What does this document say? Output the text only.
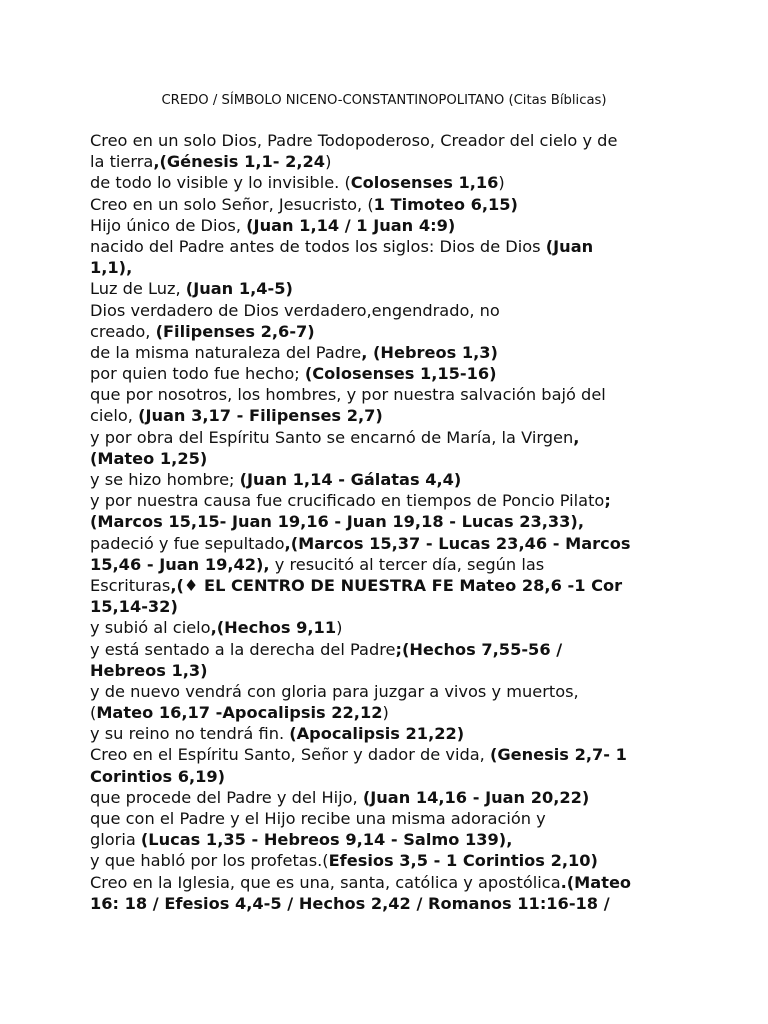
CREDO / SÍMBOLO NICENO-CONSTANTINOPOLITANO (Citas Bíblicas)
Creo en un solo Dios, Padre Todopoderoso, Creador del cielo y de
la tierra,(Génesis 1,1- 2,24)
de todo lo visible y lo invisible. (Colosenses 1,16)
Creo en un solo Señor, Jesucristo, (1 Timoteo 6,15)
Hijo único de Dios, (Juan 1,14 / 1 Juan 4:9)
nacido del Padre antes de todos los siglos: Dios de Dios (Juan
1,1),
Luz de Luz, (Juan 1,4-5)
Dios verdadero de Dios verdadero,engendrado, no
creado, (Filipenses 2,6-7)
de la misma naturaleza del Padre, (Hebreos 1,3)
por quien todo fue hecho; (Colosenses 1,15-16)
que por nosotros, los hombres, y por nuestra salvación bajó del
cielo, (Juan 3,17 - Filipenses 2,7)
y por obra del Espíritu Santo se encarnó de María, la Virgen,
(Mateo 1,25)
y se hizo hombre; (Juan 1,14 - Gálatas 4,4)
y por nuestra causa fue crucificado en tiempos de Poncio Pilato;
(Marcos 15,15- Juan 19,16 - Juan 19,18 - Lucas 23,33),
padeció y fue sepultado,(Marcos 15,37 - Lucas 23,46 - Marcos
15,46 - Juan 19,42), y resucitó al tercer día, según las
Escrituras,(♦ EL CENTRO DE NUESTRA FE Mateo 28,6 -1 Cor
15,14-32)
y subió al cielo,(Hechos 9,11)
y está sentado a la derecha del Padre;(Hechos 7,55-56 /
Hebreos 1,3)
y de nuevo vendrá con gloria para juzgar a vivos y muertos,
(Mateo 16,17 -Apocalipsis 22,12)
y su reino no tendrá fin. (Apocalipsis 21,22)
Creo en el Espíritu Santo, Señor y dador de vida, (Genesis 2,7- 1
Corintios 6,19)
que procede del Padre y del Hijo, (Juan 14,16 - Juan 20,22)
que con el Padre y el Hijo recibe una misma adoración y
gloria (Lucas 1,35 - Hebreos 9,14 - Salmo 139),
y que habló por los profetas.(Efesios 3,5 - 1 Corintios 2,10)
Creo en la Iglesia, que es una, santa, católica y apostólica.(Mateo
16: 18 / Efesios 4,4-5 / Hechos 2,42 / Romanos 11:16-18 /
